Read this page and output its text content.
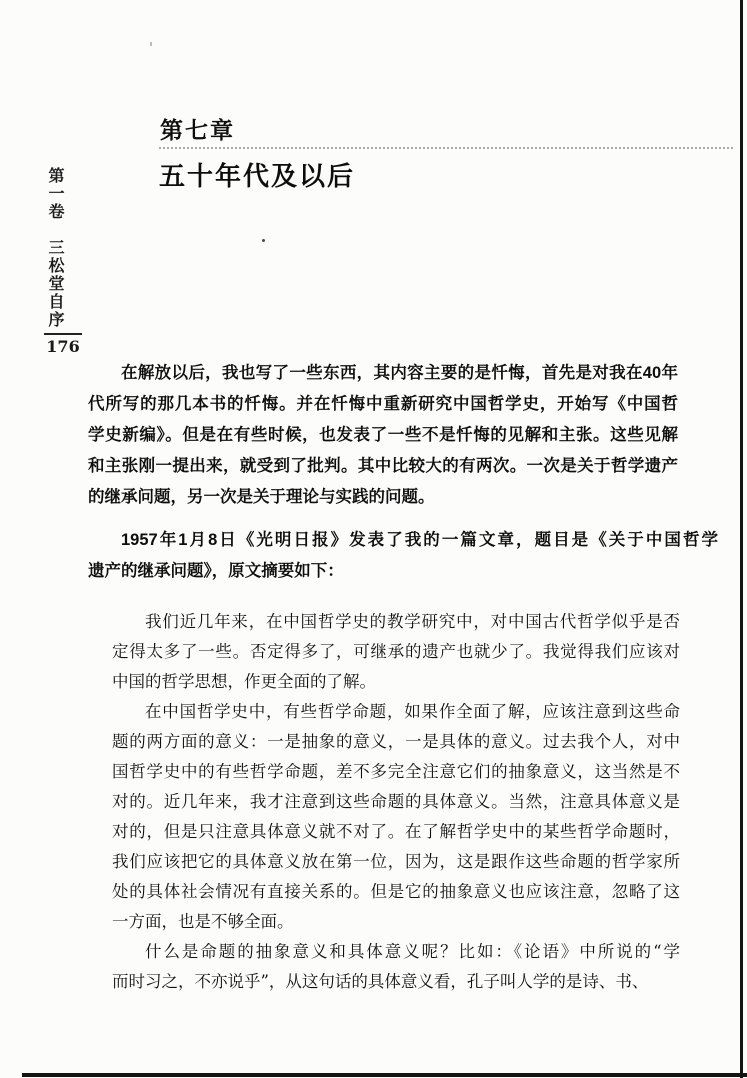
第一卷三松堂自序
176
第七章
五十年代及以后
在解放以后，我也写了一些东西，其内容主要的是忏悔，首先是对我在40年
代所写的那几本书的忏悔。并在忏悔中重新研究中国哲学史，开始写《中国哲
学史新编》。但是在有些时候，也发表了一些不是忏悔的见解和主张。这些见解
和主张刚一提出来，就受到了批判。其中比较大的有两次。一次是关于哲学遗产
的继承问题，另一次是关于理论与实践的问题。
1957年1月8日《光明日报》发表了我的一篇文章，题目是《关于中国哲学
遗产的继承问题》，原文摘要如下：
我们近几年来，在中国哲学史的教学研究中，对中国古代哲学似乎是否
定得太多了一些。否定得多了，可继承的遗产也就少了。我觉得我们应该对
中国的哲学思想，作更全面的了解。
在中国哲学史中，有些哲学命题，如果作全面了解，应该注意到这些命
题的两方面的意义：一是抽象的意义，一是具体的意义。过去我个人，对中
国哲学史中的有些哲学命题，差不多完全注意它们的抽象意义，这当然是不
对的。近几年来，我才注意到这些命题的具体意义。当然，注意具体意义是
对的，但是只注意具体意义就不对了。在了解哲学史中的某些哲学命题时，
我们应该把它的具体意义放在第一位，因为，这是跟作这些命题的哲学家所
处的具体社会情况有直接关系的。但是它的抽象意义也应该注意，忽略了这
一方面，也是不够全面。
什么是命题的抽象意义和具体意义呢？比如：《论语》中所说的“学
而时习之，不亦说乎”，从这句话的具体意义看，孔子叫人学的是诗、书、
